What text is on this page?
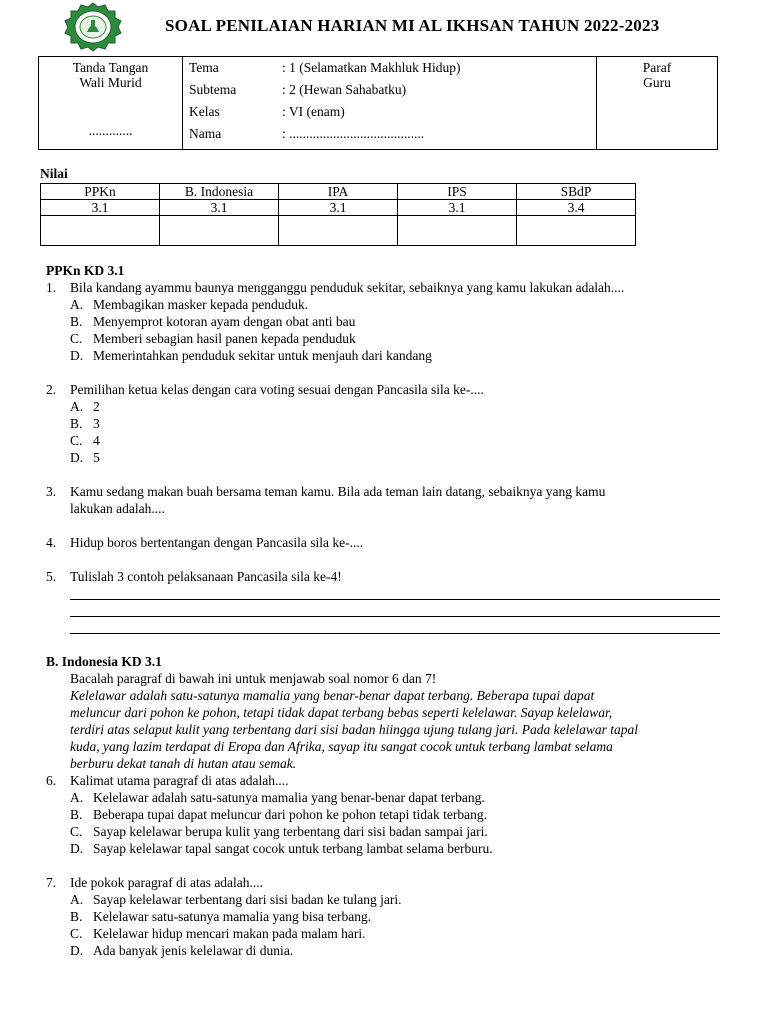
SOAL PENILAIAN HARIAN MI AL IKHSAN TAHUN 2022-2023
Tanda Tangan
Wali Murid
.............

Tema	: 1 (Selamatkan Makhluk Hidup)
Subtema	: 2 (Hewan Sahabatku)
Kelas	: VI (enam)
Nama	: ........................................

Paraf
Guru
Nilai
PPKn	B. Indonesia	IPA	IPS	SBdP
3.1	3.1	3.1	3.1	3.4

PPKn KD 3.1
1. Bila kandang ayammu baunya mengganggu penduduk sekitar, sebaiknya yang kamu lakukan adalah....
A. Membagikan masker kepada penduduk.
B. Menyemprot kotoran ayam dengan obat anti bau
C. Memberi sebagian hasil panen kepada penduduk
D. Memerintahkan penduduk sekitar untuk menjauh dari kandang
2. Pemilihan ketua kelas dengan cara voting sesuai dengan Pancasila sila ke-....
A. 2
B. 3
C. 4
D. 5
3. Kamu sedang makan buah bersama teman kamu. Bila ada teman lain datang, sebaiknya yang kamu
lakukan adalah....
4. Hidup boros bertentangan dengan Pancasila sila ke-....
5. Tulislah 3 contoh pelaksanaan Pancasila sila ke-4!
B. Indonesia KD 3.1
Bacalah paragraf di bawah ini untuk menjawab soal nomor 6 dan 7!
Kelelawar adalah satu-satunya mamalia yang benar-benar dapat terbang. Beberapa tupai dapat
meluncur dari pohon ke pohon, tetapi tidak dapat terbang bebas seperti kelelawar. Sayap kelelawar,
terdiri atas selaput kulit yang terbentang dari sisi badan hiingga ujung tulang jari. Pada kelelawar tapal
kuda, yang lazim terdapat di Eropa dan Afrika, sayap itu sangat cocok untuk terbang lambat selama
berburu dekat tanah di hutan atau semak.
6. Kalimat utama paragraf di atas adalah....
A. Kelelawar adalah satu-satunya mamalia yang benar-benar dapat terbang.
B. Beberapa tupai dapat meluncur dari pohon ke pohon tetapi tidak terbang.
C. Sayap kelelawar berupa kulit yang terbentang dari sisi badan sampai jari.
D. Sayap kelelawar tapal sangat cocok untuk terbang lambat selama berburu.
7. Ide pokok paragraf di atas adalah....
A. Sayap kelelawar terbentang dari sisi badan ke tulang jari.
B. Kelelawar satu-satunya mamalia yang bisa terbang.
C. Kelelawar hidup mencari makan pada malam hari.
D. Ada banyak jenis kelelawar di dunia.
